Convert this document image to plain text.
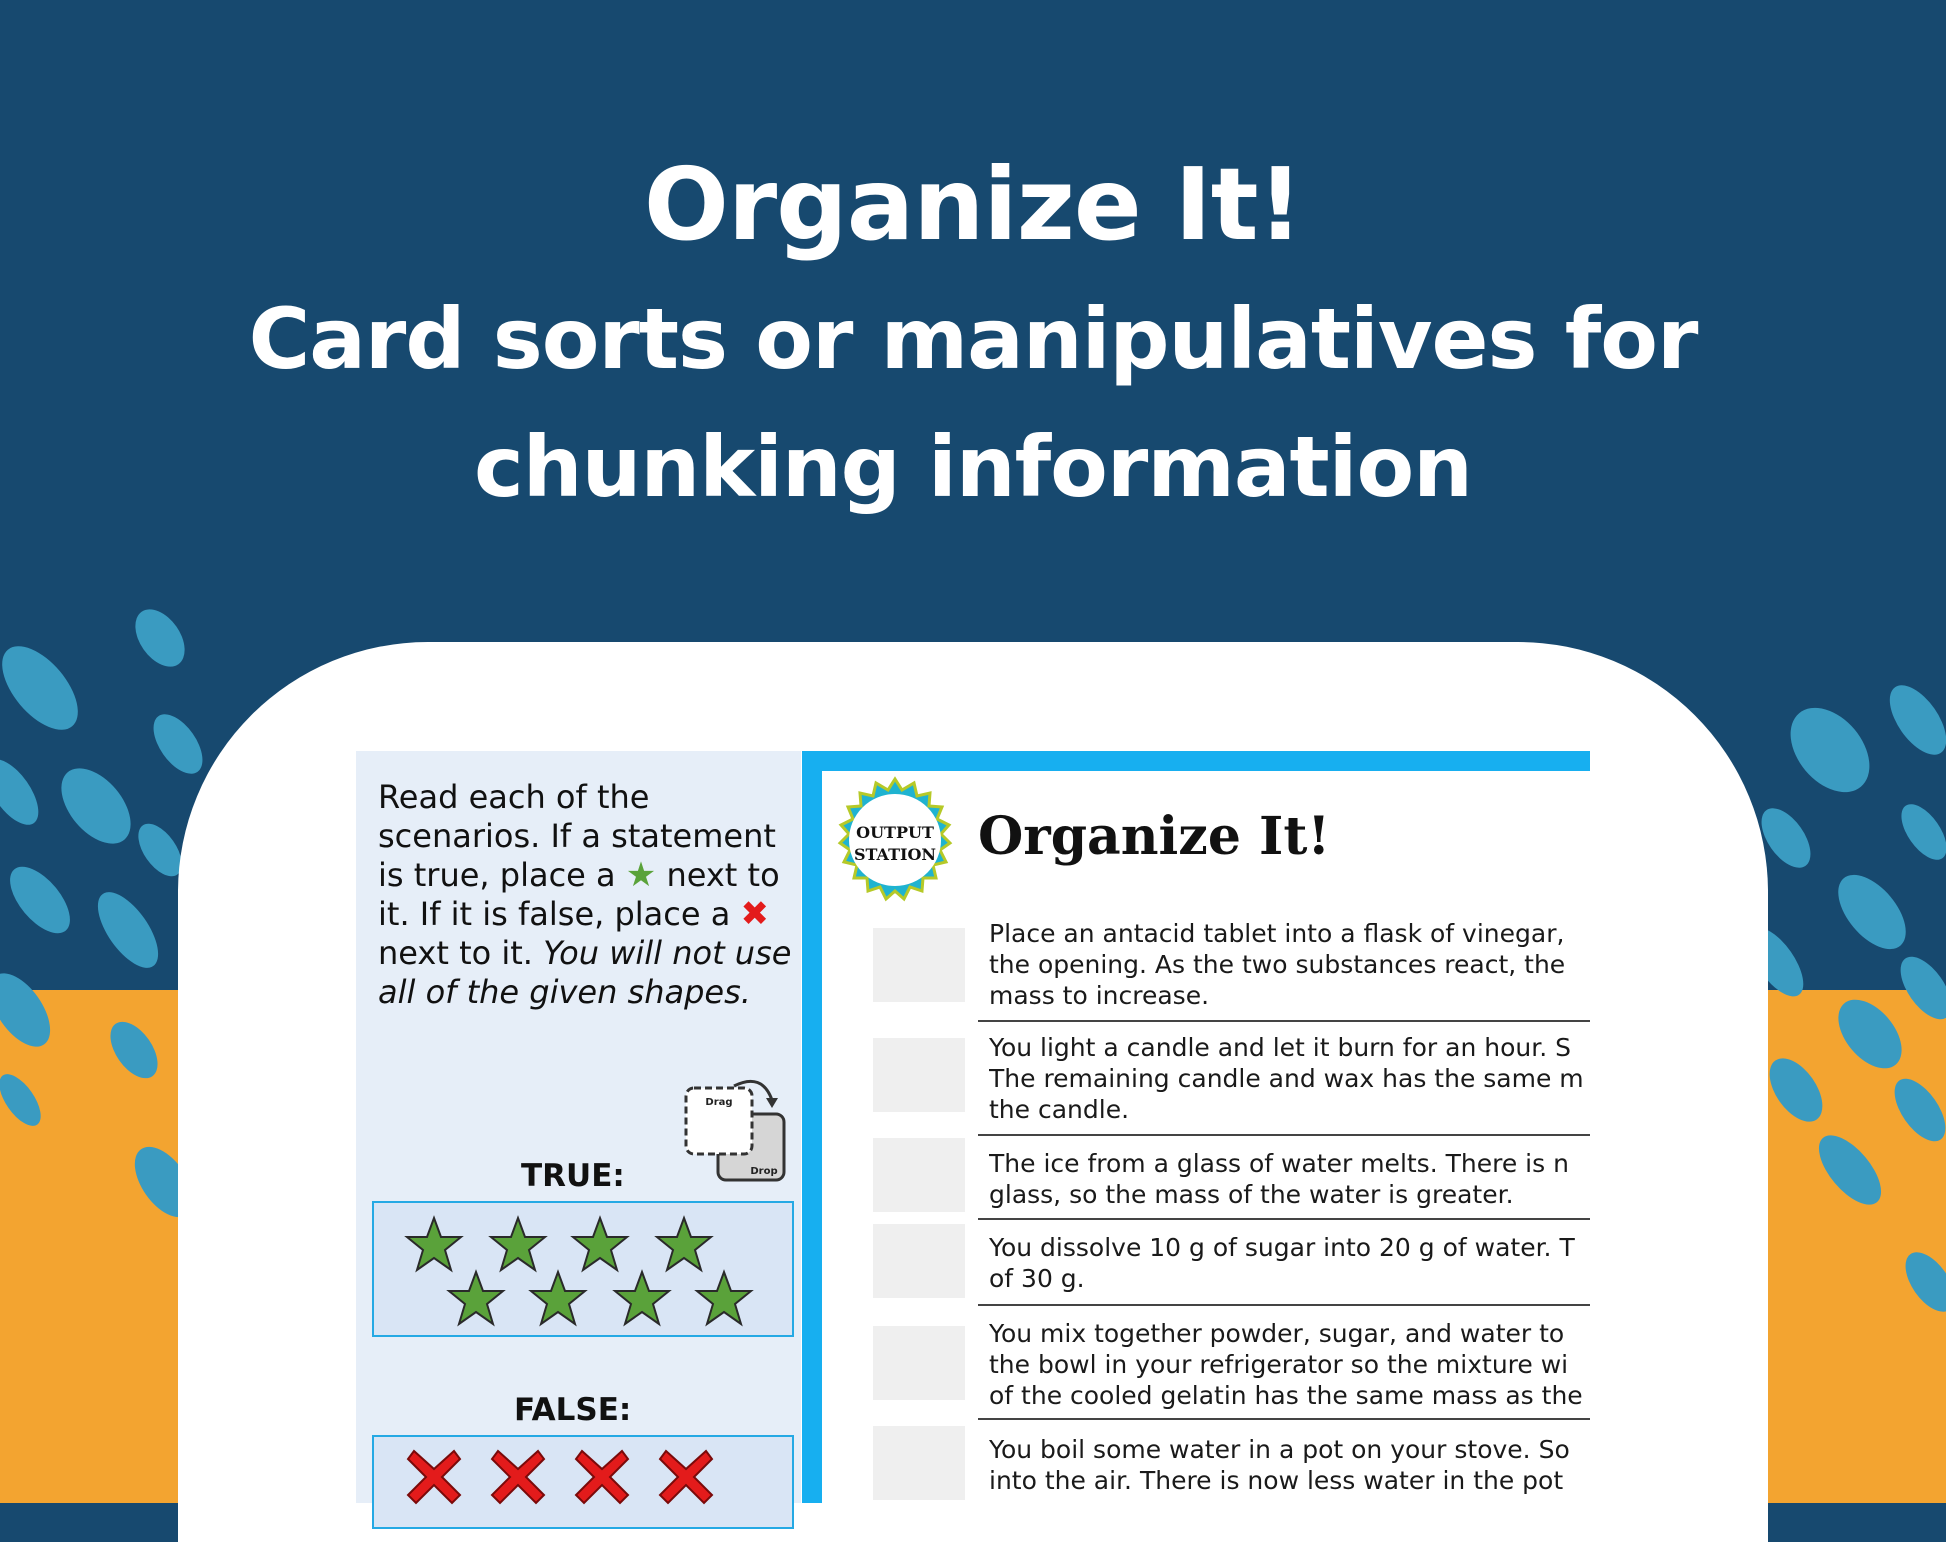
Organize It!
Card sorts or manipulatives for
chunking information
Read each of the scenarios. If a statement is true, place a ★ next to it. If it is false, place a ✖ next to it. You will not use all of the given shapes.
Drag
Drop
TRUE:
FALSE:
OUTPUT
STATION Organize It!
Place an antacid tablet into a flask of vinegar,
the opening. As the two substances react, the
mass to increase.
You light a candle and let it burn for an hour. S
The remaining candle and wax has the same m
the candle.
The ice from a glass of water melts. There is n
glass, so the mass of the water is greater.
You dissolve 10 g of sugar into 20 g of water. T
of 30 g.
You mix together powder, sugar, and water to
the bowl in your refrigerator so the mixture wi
of the cooled gelatin has the same mass as the
You boil some water in a pot on your stove. So
into the air. There is now less water in the pot
